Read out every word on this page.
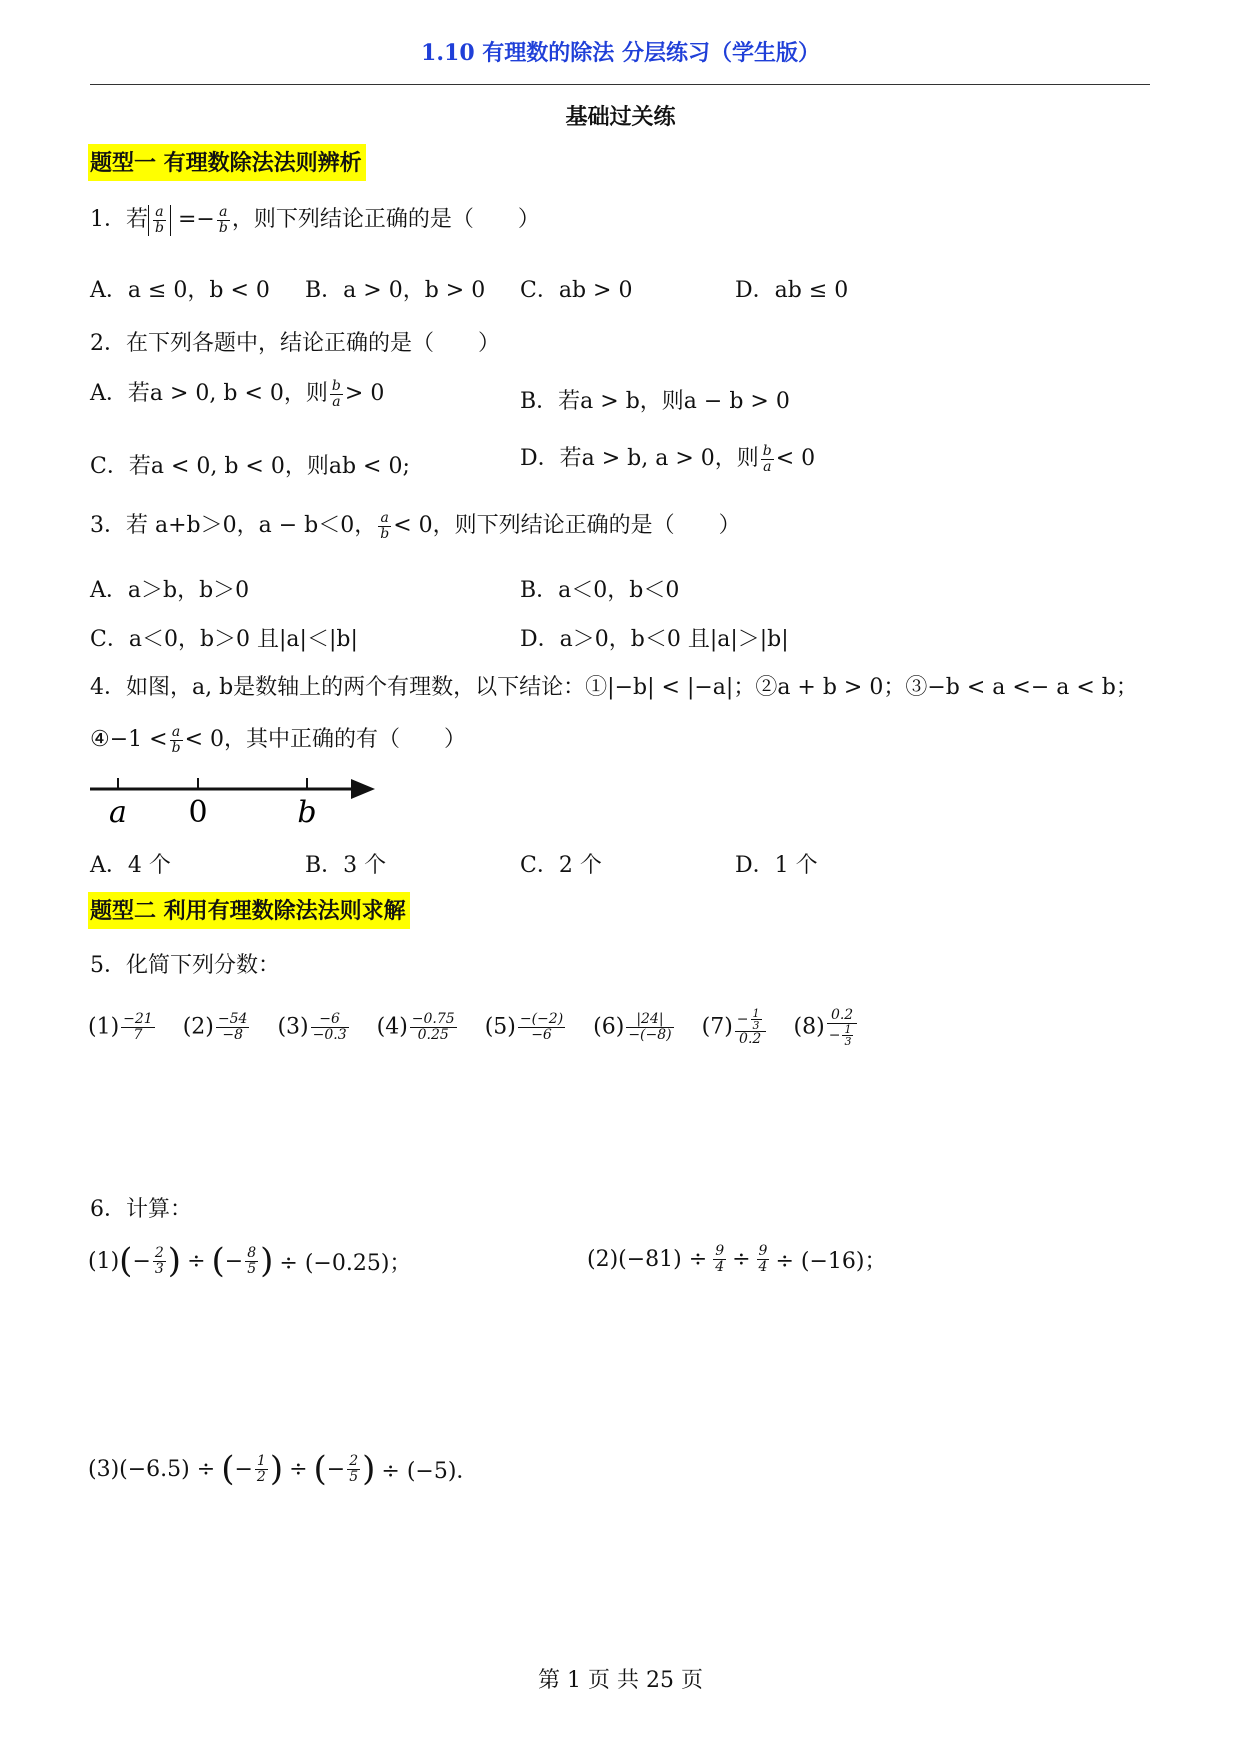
1.10 有理数的除法 分层练习（学生版）
基础过关练
题型一 有理数除法法则辨析
1．若 $\frac{a}{b} =- \frac{a}{b}$ ，则下列结论正确的是（　　）
A．a ≤ 0，b < 0 B．a > 0，b > 0 C．ab > 0	D．ab ≤ 0
2．在下列各题中，结论正确的是（　　）
A．若a > 0, b < 0，则 $\frac{b}{a} > 0$	B．若a > b，则a − b > 0
C．若a < 0, b < 0，则ab < 0;	D．若a > b, a > 0，则 $\frac{b}{a} < 0$
3．若 a+b＞0，a − b＜0， $\frac{a}{b} < 0$，则下列结论正确的是（　　）
A．a＞b，b＞0	B．a＜0，b＜0
C．a＜0，b＞0 且|a|＜|b|	D．a＞0，b＜0 且|a|＞|b|
4．如图，a, b是数轴上的两个有理数，以下结论：①|−b| < |−a|；②a + b > 0；③−b < a <− a < b；
④−1 < $\frac{a}{b} < 0$，其中正确的有（　　）
a 0	b
A．4 个	B．3 个	C．2 个	D．1 个
题型二 利用有理数除法法则求解
5．化简下列分数：
$(1) \frac{-21}{7} (2) \frac{-54}{-8} (3) \frac{-6}{-0.3} (4) \frac{-0.75}{0.25} (5) \frac{-(-2)}{-6} (6) \frac{|24|}{-(-8)} (7) \frac{- \frac{1}{3}}{0.2} (8) \frac{0.2}{- \frac{1}{3}}$
6．计算：
(1) ( − $\frac{2}{3}$ ) ÷ ( − $\frac{8}{5}$ ) ÷ (−0.25)；	$(2)(-81) \div \frac{9}{4} \div \frac{9}{4} \div (-16)$；
(3)(−6.5) ÷ ( − $\frac{1}{2}$ ) ÷ ( − $\frac{2}{5}$ ) ÷ (−5)．
第 1 页 共 25 页
